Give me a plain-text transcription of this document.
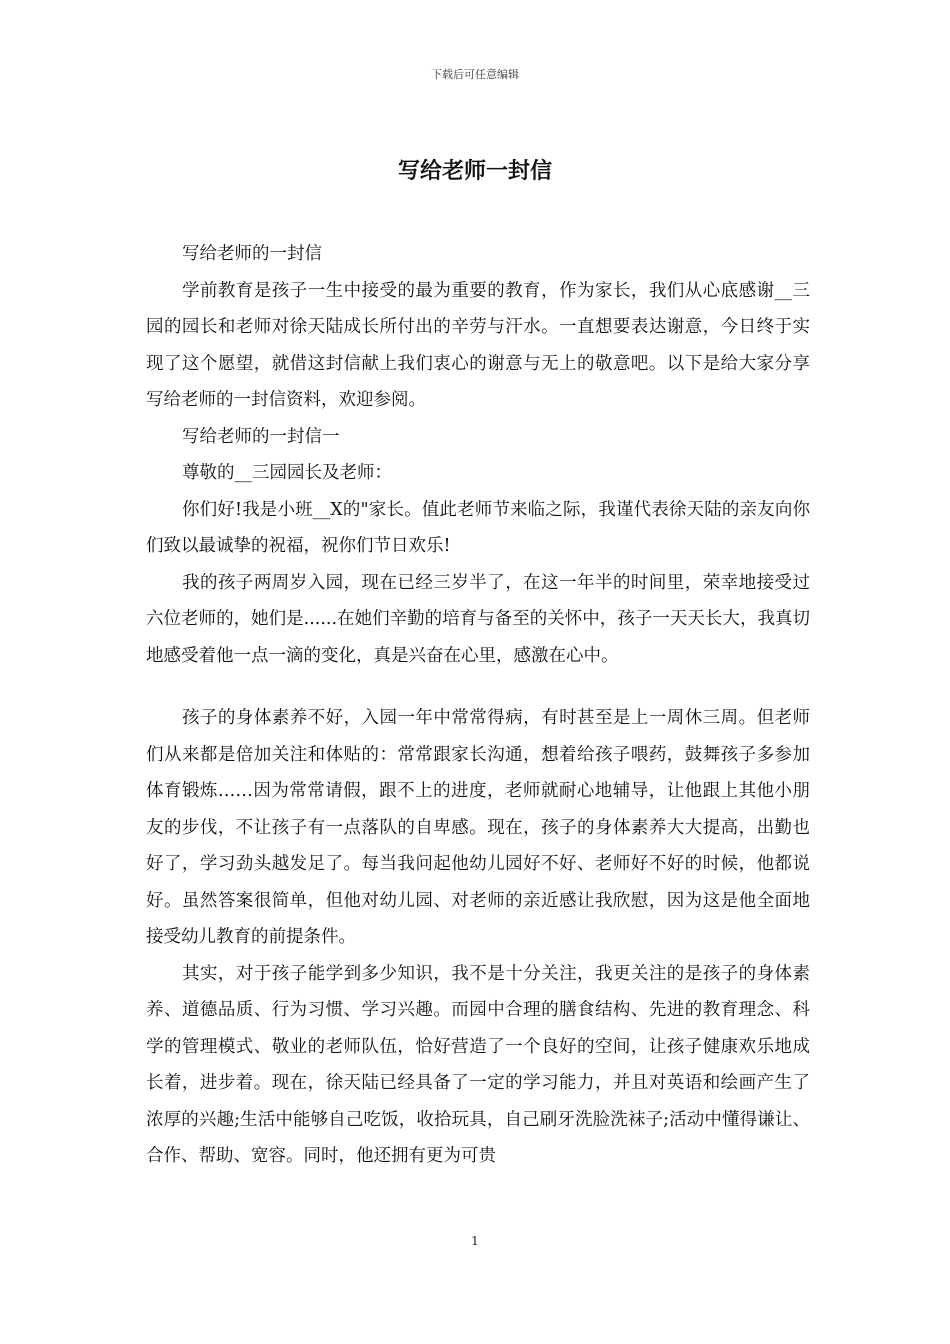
下载后可任意编辑
写给老师一封信

写给老师的一封信

学前教育是孩子一生中接受的最为重要的教育，作为家长，我们从心底感谢__三园的园长和老师对徐天陆成长所付出的辛劳与汗水。一直想要表达谢意，今日终于实现了这个愿望，就借这封信献上我们衷心的谢意与无上的敬意吧。以下是给大家分享写给老师的一封信资料，欢迎参阅。

写给老师的一封信一

尊敬的__三园园长及老师：

你们好!我是小班__X的"家长。值此老师节来临之际，我谨代表徐天陆的亲友向你们致以最诚挚的祝福，祝你们节日欢乐!

我的孩子两周岁入园，现在已经三岁半了，在这一年半的时间里，荣幸地接受过六位老师的，她们是......在她们辛勤的培育与备至的关怀中，孩子一天天长大，我真切地感受着他一点一滴的变化，真是兴奋在心里，感激在心中。

孩子的身体素养不好，入园一年中常常得病，有时甚至是上一周休三周。但老师们从来都是倍加关注和体贴的：常常跟家长沟通，想着给孩子喂药，鼓舞孩子多参加体育锻炼……因为常常请假，跟不上的进度，老师就耐心地辅导，让他跟上其他小朋友的步伐，不让孩子有一点落队的自卑感。现在，孩子的身体素养大大提高，出勤也好了，学习劲头越发足了。每当我问起他幼儿园好不好、老师好不好的时候，他都说好。虽然答案很简单，但他对幼儿园、对老师的亲近感让我欣慰，因为这是他全面地接受幼儿教育的前提条件。

其实，对于孩子能学到多少知识，我不是十分关注，我更关注的是孩子的身体素养、道德品质、行为习惯、学习兴趣。而园中合理的膳食结构、先进的教育理念、科学的管理模式、敬业的老师队伍，恰好营造了一个良好的空间，让孩子健康欢乐地成长着，进步着。现在，徐天陆已经具备了一定的学习能力，并且对英语和绘画产生了浓厚的兴趣;生活中能够自己吃饭，收拾玩具，自己刷牙洗脸洗袜子;活动中懂得谦让、合作、帮助、宽容。同时，他还拥有更为可贵

1
